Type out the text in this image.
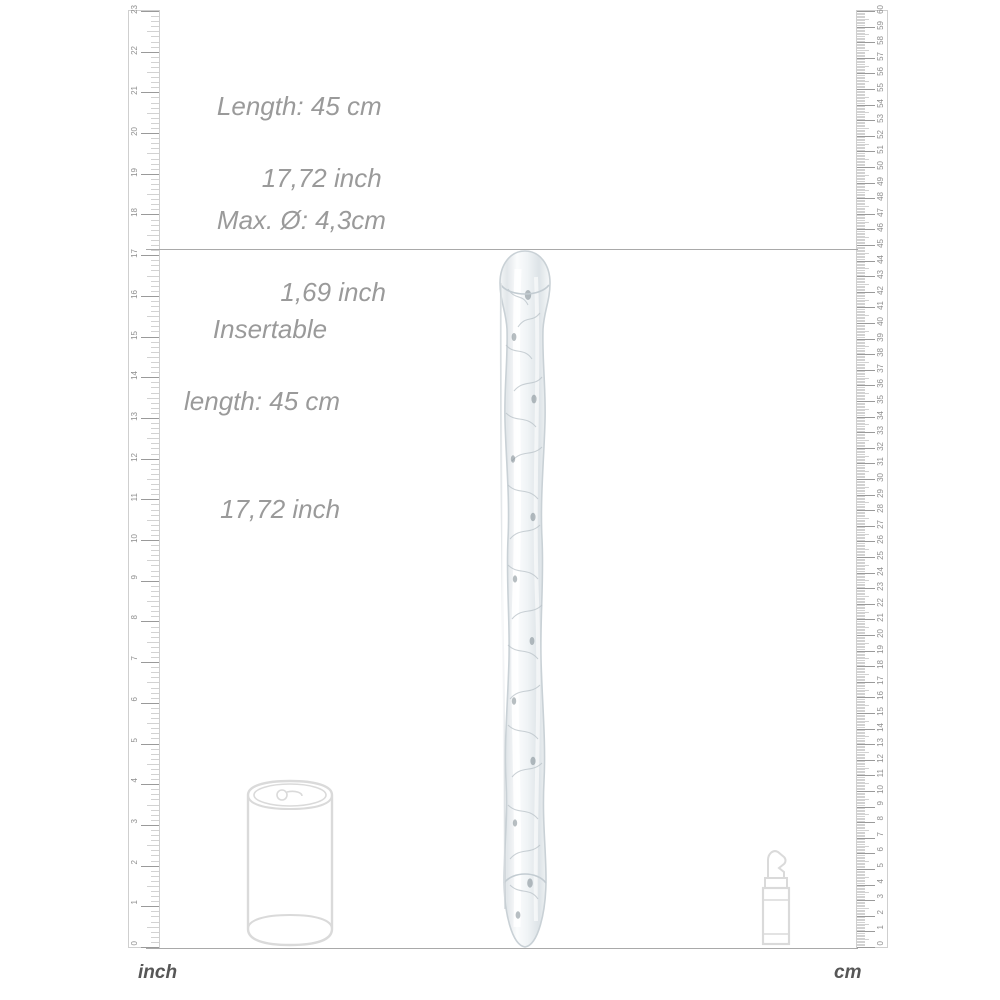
0
1
2
3
4
5
6
7
8
9
10
11
12
13
14
15
16
17
18
19
20
21
22
23
0
1
2
3
4
5
6
7
8
9
10
11
12
13
14
15
16
17
18
19
20
21
22
23
24
25
26
27
28
29
30
31
32
33
34
35
36
37
38
39
40
41
42
43
44
45
46
47
48
49
50
51
52
53
54
55
56
57
58
59
60
inch	cm

Length: 45 cm

17,72 inch

Max. Ø: 4,3cm

1,69 inch

Insertable

length: 45 cm

17,72 inch
